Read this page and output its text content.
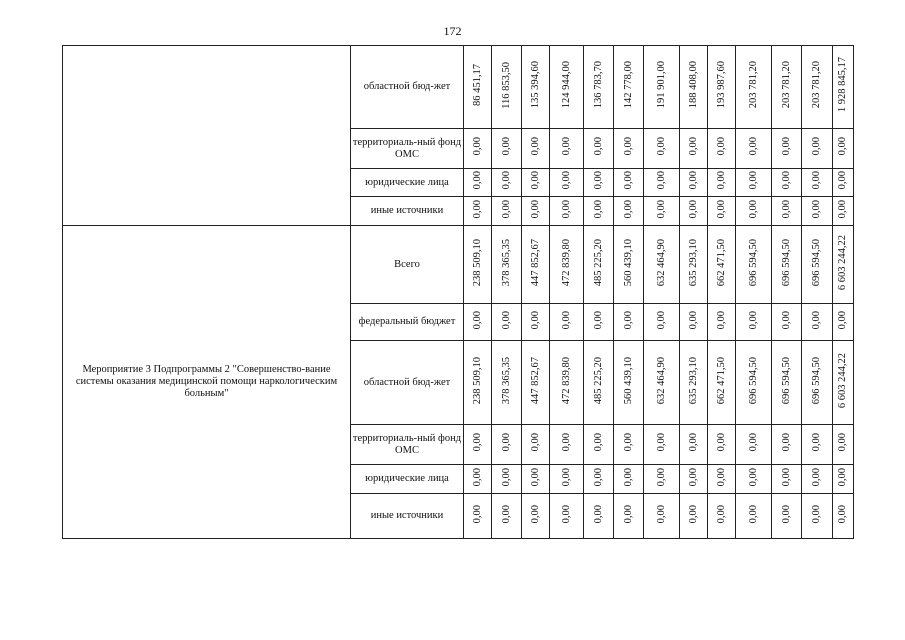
172
	областной бюд-жет	86 451,17	116 853,50	135 394,60	124 944,00	136 783,70	142 778,00	191 901,00	188 408,00	193 987,60	203 781,20	203 781,20	203 781,20	1 928 845,17
	территориаль-ный фонд ОМС	0,00	0,00	0,00	0,00	0,00	0,00	0,00	0,00	0,00	0,00	0,00	0,00	0,00
	юридические лица	0,00	0,00	0,00	0,00	0,00	0,00	0,00	0,00	0,00	0,00	0,00	0,00	0,00
	иные источники	0,00	0,00	0,00	0,00	0,00	0,00	0,00	0,00	0,00	0,00	0,00	0,00	0,00
Мероприятие 3 Подпрограммы 2 "Совершенство-вание системы оказания медицинской помощи наркологическим больным"	Всего	238 509,10	378 365,35	447 852,67	472 839,80	485 225,20	560 439,10	632 464,90	635 293,10	662 471,50	696 594,50	696 594,50	696 594,50	6 603 244,22
	федеральный бюджет	0,00	0,00	0,00	0,00	0,00	0,00	0,00	0,00	0,00	0,00	0,00	0,00	0,00
	областной бюд-жет	238 509,10	378 365,35	447 852,67	472 839,80	485 225,20	560 439,10	632 464,90	635 293,10	662 471,50	696 594,50	696 594,50	696 594,50	6 603 244,22
	территориаль-ный фонд ОМС	0,00	0,00	0,00	0,00	0,00	0,00	0,00	0,00	0,00	0,00	0,00	0,00	0,00
	юридические лица	0,00	0,00	0,00	0,00	0,00	0,00	0,00	0,00	0,00	0,00	0,00	0,00	0,00
	иные источники	0,00	0,00	0,00	0,00	0,00	0,00	0,00	0,00	0,00	0,00	0,00	0,00	0,00
